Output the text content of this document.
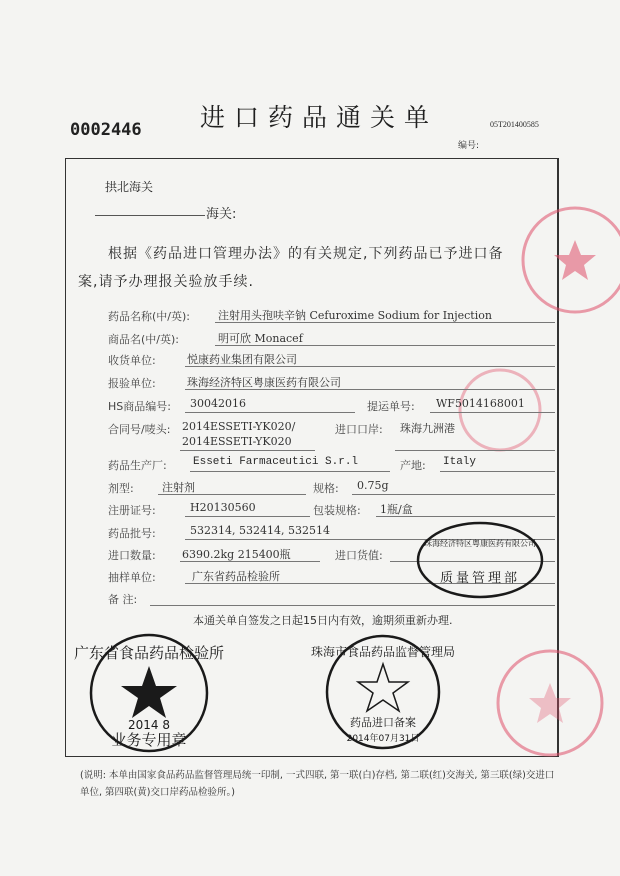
0002446 进口药品通关单	05T201400585
编号:
拱北海关
海关:
根据《药品进口管理办法》的有关规定,下列药品已予进口备案,请予办理报关验放手续.
药品名称(中/英):	注射用头孢呋辛钠 Cefuroxime Sodium for Injection
商品名(中/英):	明可欣 Monacef
收货单位:	悦康药业集团有限公司
报验单位:	珠海经济特区粤康医药有限公司
HS商品编号: 30042016	提运单号: WF5014168001
合同号/唛头: 2014ESSETI-YK020/
2014ESSETI-YK020
进口口岸: 珠海九洲港
药品生产厂: Esseti Farmaceutici S.r.l	产地: Italy
剂型:	注射剂	规格: 0.75g
注册证号:	H20130560	包装规格: 1瓶/盒
药品批号:	532314, 532414, 532514
进口数量: 6390.2kg 215400瓶	进口货值:
抽样单位:	广东省药品检验所
备 注:
本通关单自签发之日起15日内有效，逾期须重新办理.
(说明: 本单由国家食品药品监督管理局统一印制, 一式四联, 第一联(白)存档, 第二联(红)交海关, 第三联(绿)交进口单位, 第四联(黄)交口岸药品检验所。)
广东省食品药品检验所
2014 8
业务专用章
珠海市食品药品监督管理局
药品进口备案
2014年07月31日
珠海经济特区粤康医药有限公司
质量管理部
